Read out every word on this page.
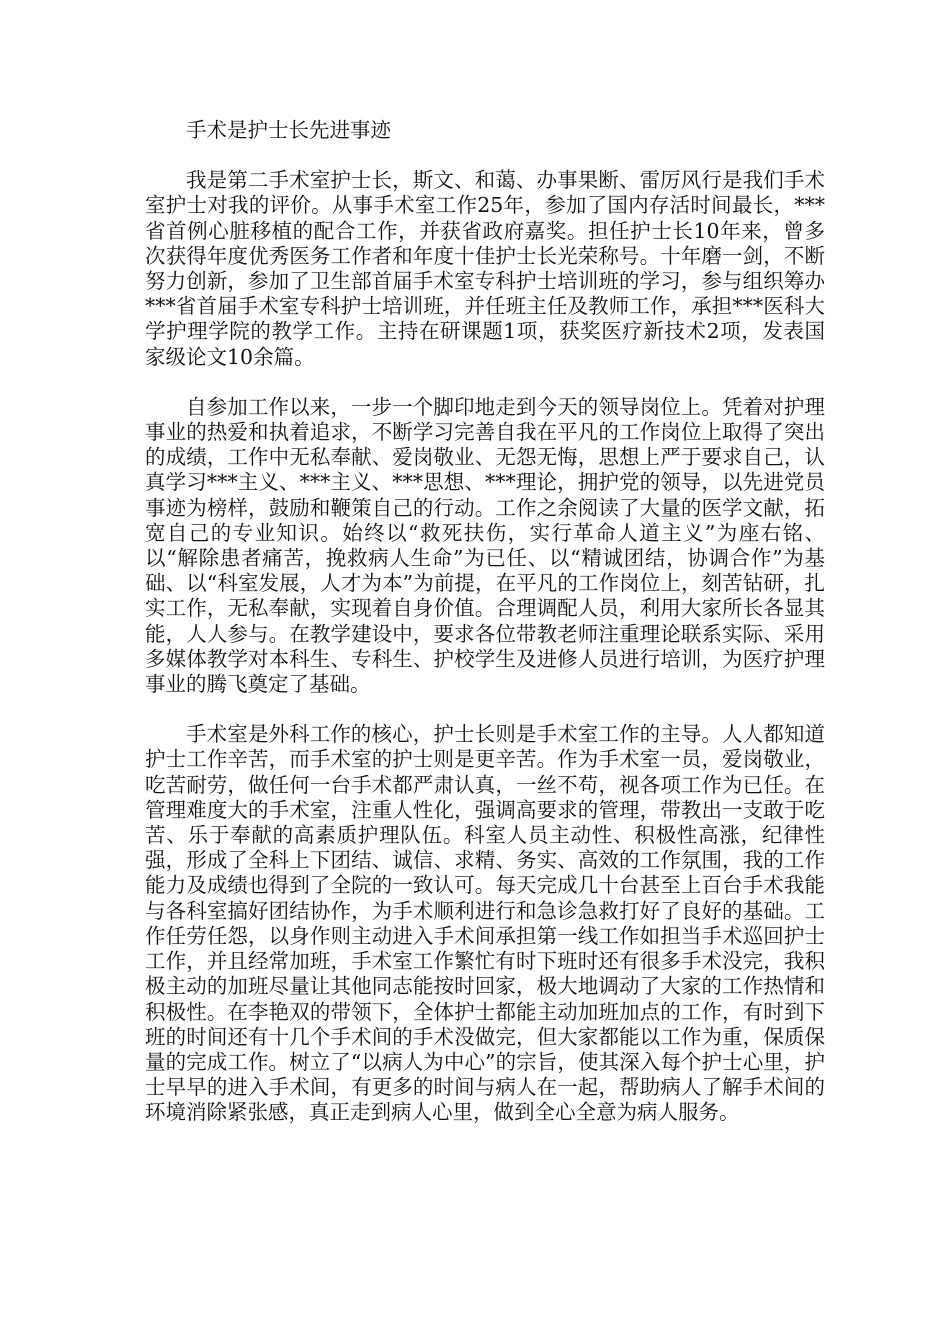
手术是护士长先进事迹

我是第二手术室护士长，斯文、和蔼、办事果断、雷厉风行是我们手术室护士对我的评价。从事手术室工作25年，参加了国内存活时间最长，***省首例心脏移植的配合工作，并获省政府嘉奖。担任护士长10年来，曾多次获得年度优秀医务工作者和年度十佳护士长光荣称号。十年磨一剑，不断努力创新，参加了卫生部首届手术室专科护士培训班的学习，参与组织筹办***省首届手术室专科护士培训班，并任班主任及教师工作，承担***医科大学护理学院的教学工作。主持在研课题1项，获奖医疗新技术2项，发表国家级论文10余篇。

自参加工作以来，一步一个脚印地走到今天的领导岗位上。凭着对护理事业的热爱和执着追求，不断学习完善自我在平凡的工作岗位上取得了突出的成绩，工作中无私奉献、爱岗敬业、无怨无悔，思想上严于要求自己，认真学习***主义、***主义、***思想、***理论，拥护党的领导，以先进党员事迹为榜样，鼓励和鞭策自己的行动。工作之余阅读了大量的医学文献，拓宽自己的专业知识。始终以“救死扶伤，实行革命人道主义”为座右铭、以“解除患者痛苦，挽救病人生命”为已任、以“精诚团结，协调合作”为基础、以“科室发展，人才为本”为前提，在平凡的工作岗位上，刻苦钻研，扎实工作，无私奉献，实现着自身价值。合理调配人员，利用大家所长各显其能，人人参与。在教学建设中，要求各位带教老师注重理论联系实际、采用多媒体教学对本科生、专科生、护校学生及进修人员进行培训，为医疗护理事业的腾飞奠定了基础。

手术室是外科工作的核心，护士长则是手术室工作的主导。人人都知道护士工作辛苦，而手术室的护士则是更辛苦。作为手术室一员，爱岗敬业，吃苦耐劳，做任何一台手术都严肃认真，一丝不苟，视各项工作为已任。在管理难度大的手术室，注重人性化，强调高要求的管理，带教出一支敢于吃苦、乐于奉献的高素质护理队伍。科室人员主动性、积极性高涨，纪律性强，形成了全科上下团结、诚信、求精、务实、高效的工作氛围，我的工作能力及成绩也得到了全院的一致认可。每天完成几十台甚至上百台手术我能与各科室搞好团结协作，为手术顺利进行和急诊急救打好了良好的基础。工作任劳任怨，以身作则主动进入手术间承担第一线工作如担当手术巡回护士工作，并且经常加班，手术室工作繁忙有时下班时还有很多手术没完，我积极主动的加班尽量让其他同志能按时回家，极大地调动了大家的工作热情和积极性。在李艳双的带领下，全体护士都能主动加班加点的工作，有时到下班的时间还有十几个手术间的手术没做完，但大家都能以工作为重，保质保量的完成工作。树立了“以病人为中心”的宗旨，使其深入每个护士心里，护士早早的进入手术间，有更多的时间与病人在一起，帮助病人了解手术间的环境消除紧张感，真正走到病人心里，做到全心全意为病人服务。
